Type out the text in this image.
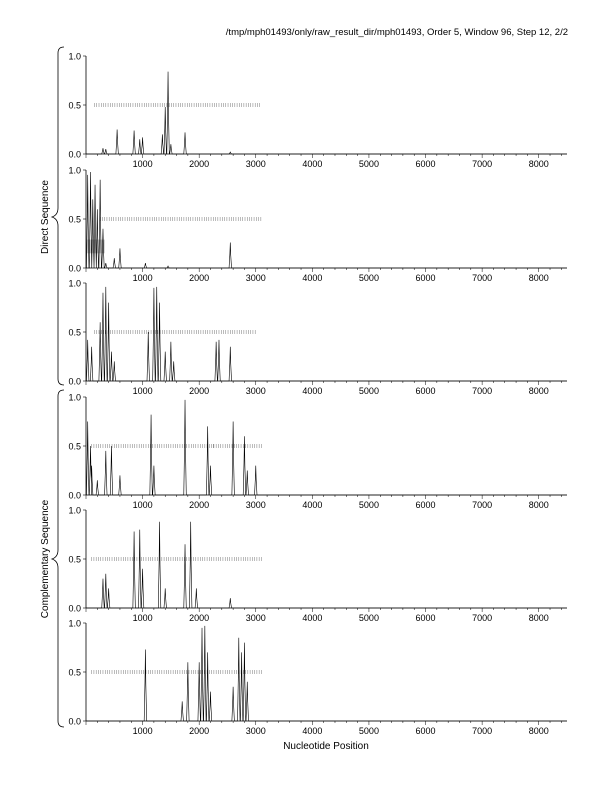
/tmp/mph01493/only/raw_result_dir/mph01493, Order 5, Window 96, Step 12, 2/2
0.0
0.5
1.0
1000	2000	3000	4000	5000	6000	7000	8000
0.0
0.5
1.0
1000	2000	3000	4000	5000	6000	7000	8000
0.0
0.5
1.0
1000	2000	3000	4000	5000	6000	7000	8000
0.0
0.5
1.0
1000	2000	3000	4000	5000	6000	7000	8000
0.0
0.5
1.0
1000	2000	3000	4000	5000	6000	7000	8000
0.0
0.5
1.0
1000	2000	3000	4000	5000	6000	7000	8000
Direct Sequence
Complementary Sequence
Nucleotide Position
